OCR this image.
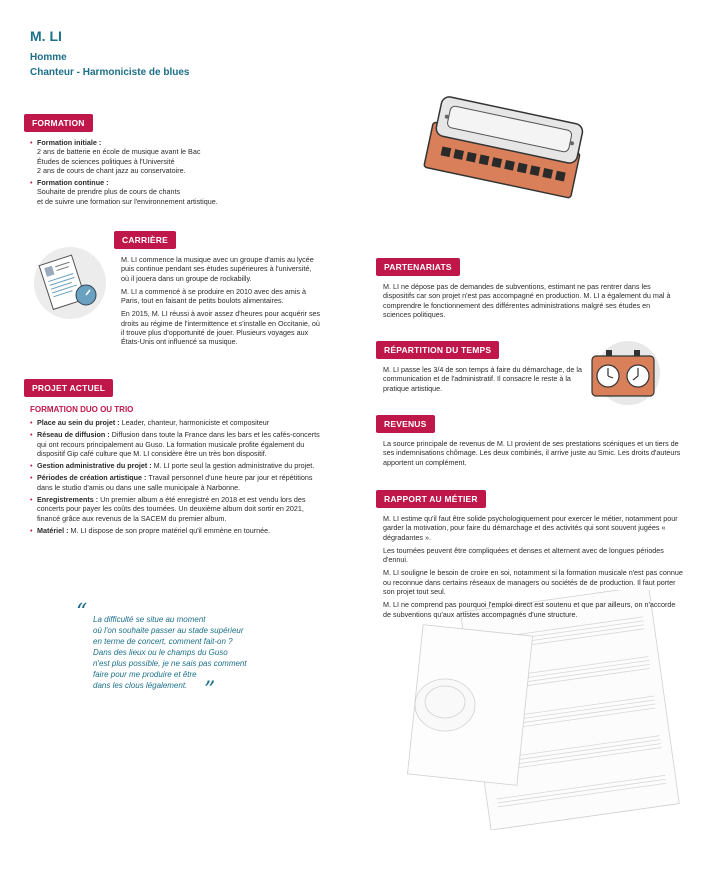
M. LI
Homme
Chanteur - Harmoniciste de blues
FORMATION
• Formation initiale :
2 ans de batterie en école de musique avant le Bac
Études de sciences politiques à l'Université
2 ans de cours de chant jazz au conservatoire.
• Formation continue :
Souhaite de prendre plus de cours de chants
et de suivre une formation sur l'environnement artistique.
CARRIÈRE

M. LI commence la musique avec un groupe d'amis au lycée puis continue pendant ses études supérieures à l'université, où il jouera dans un groupe de rockabilly.

M. LI a commencé à se produire en 2010 avec des amis à Paris, tout en faisant de petits boulots alimentaires.

En 2015, M. LI réussi à avoir assez d'heures pour acquérir ses droits au régime de l'intermittence et s'installe en Occitanie, où il trouve plus d'opportunité de jouer. Plusieurs voyages aux États-Unis ont influencé sa musique.

PROJET ACTUEL
FORMATION DUO OU TRIO
• Place au sein du projet : Leader, chanteur, harmoniciste et compositeur
• Réseau de diffusion : Diffusion dans toute la France dans les bars et les cafés-concerts qui ont recours principalement au Guso. La formation musicale profite également du dispositif Gip café culture que M. LI considère être un très bon dispositif.
• Gestion administrative du projet : M. LI porte seul la gestion administrative du projet.
• Périodes de création artistique : Travail personnel d'une heure par jour et répétitions dans le studio d'amis ou dans une salle municipale à Narbonne.
• Enregistrements : Un premier album a été enregistré en 2018 et est vendu lors des concerts pour payer les coûts des tournées. Un deuxième album doit sortir en 2021, financé grâce aux revenus de la SACEM du premier album.
• Matériel : M. LI dispose de son propre matériel qu'il emmène en tournée.
“ La difficulté se situe au moment
où l'on souhaite passer au stade supérieur
en terme de concert, comment fait-on ?
Dans des lieux ou le champs du Guso
n'est plus possible, je ne sais pas comment
faire pour me produire et être
dans les clous légalement. ”
PARTENARIATS
M. LI ne dépose pas de demandes de subventions, estimant ne pas rentrer dans les dispositifs car son projet n'est pas accompagné en production. M. LI a également du mal à comprendre le fonctionnement des différentes administrations malgré ses études en sciences politiques.
RÉPARTITION DU TEMPS
M. LI passe les 3/4 de son temps à faire du démarchage, de la communication et de l'administratif. Il consacre le reste à la pratique artistique.
REVENUS
La source principale de revenus de M. LI provient de ses prestations scéniques et un tiers de ses indemnisations chômage. Les deux combinés, il arrive juste au Smic. Les droits d'auteurs apportent un complément.
RAPPORT AU MÉTIER

M. LI estime qu'il faut être solide psychologiquement pour exercer le métier, notamment pour garder la motivation, pour faire du démarchage et des activités qui sont souvent jugées « dégradantes ».

Les tournées peuvent être compliquées et denses et alternent avec de longues périodes d'ennui.

M. LI souligne le besoin de croire en soi, notamment si la formation musicale n'est pas connue ou reconnue dans certains réseaux de managers ou sociétés de de production. Il faut porter son projet tout seul.

M. LI ne comprend pas pourquoi l'emploi direct est soutenu et que par ailleurs, on n'accorde de subventions qu'aux artistes accompagnés d'une structure.
